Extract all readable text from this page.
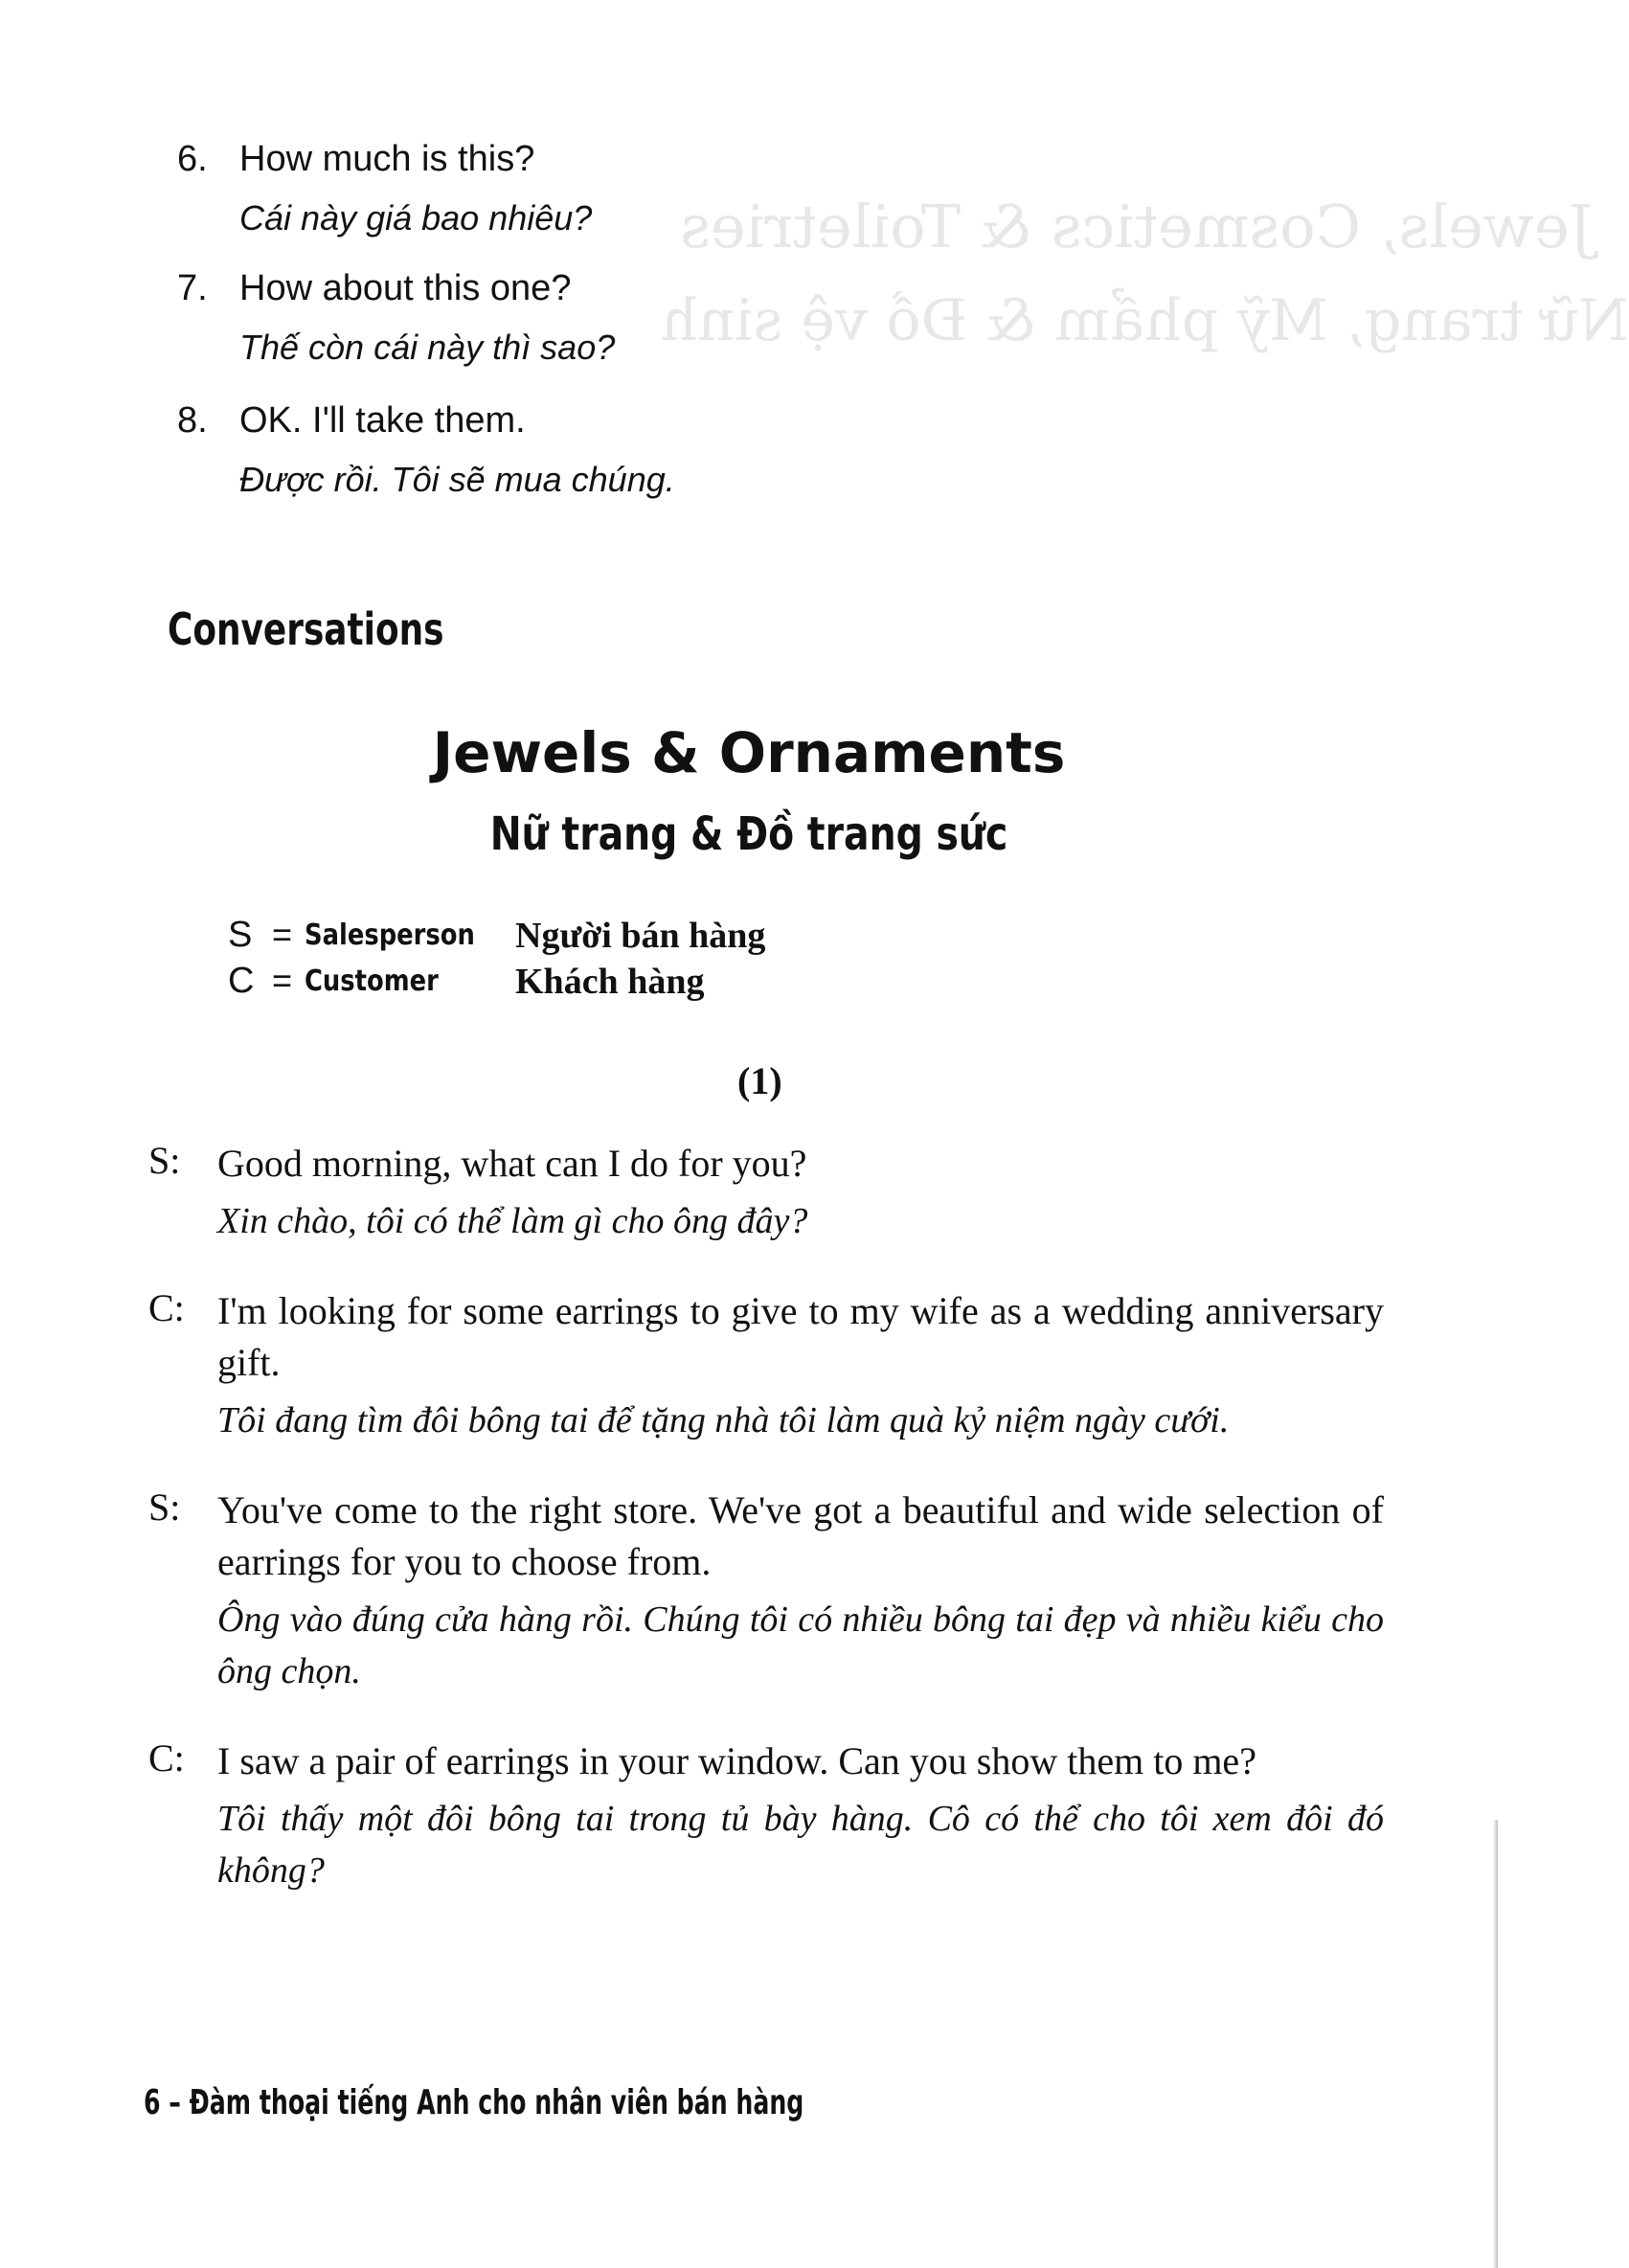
Jewels, Cosmetics & Toiletries
Nữ trang, Mỹ phẩm & Đồ vệ sinh
6. How much is this?
Cái này giá bao nhiêu?
7. How about this one?
Thế còn cái này thì sao?
8. OK. I'll take them.
Được rồi. Tôi sẽ mua chúng.
Conversations
Jewels & Ornaments
Nữ trang & Đồ trang sức
S = Salesperson Người bán hàng
C = Customer Khách hàng
(1)
S: Good morning, what can I do for you?
Xin chào, tôi có thể làm gì cho ông đây?
C: I'm looking for some earrings to give to my wife as a wedding anniversary gift.
Tôi đang tìm đôi bông tai để tặng nhà tôi làm quà kỷ niệm ngày cưới.
S: You've come to the right store. We've got a beautiful and wide selection of earrings for you to choose from.
Ông vào đúng cửa hàng rồi. Chúng tôi có nhiều bông tai đẹp và nhiều kiểu cho ông chọn.
C: I saw a pair of earrings in your window. Can you show them to me?
Tôi thấy một đôi bông tai trong tủ bày hàng. Cô có thể cho tôi xem đôi đó không?
6 – Đàm thoại tiếng Anh cho nhân viên bán hàng
